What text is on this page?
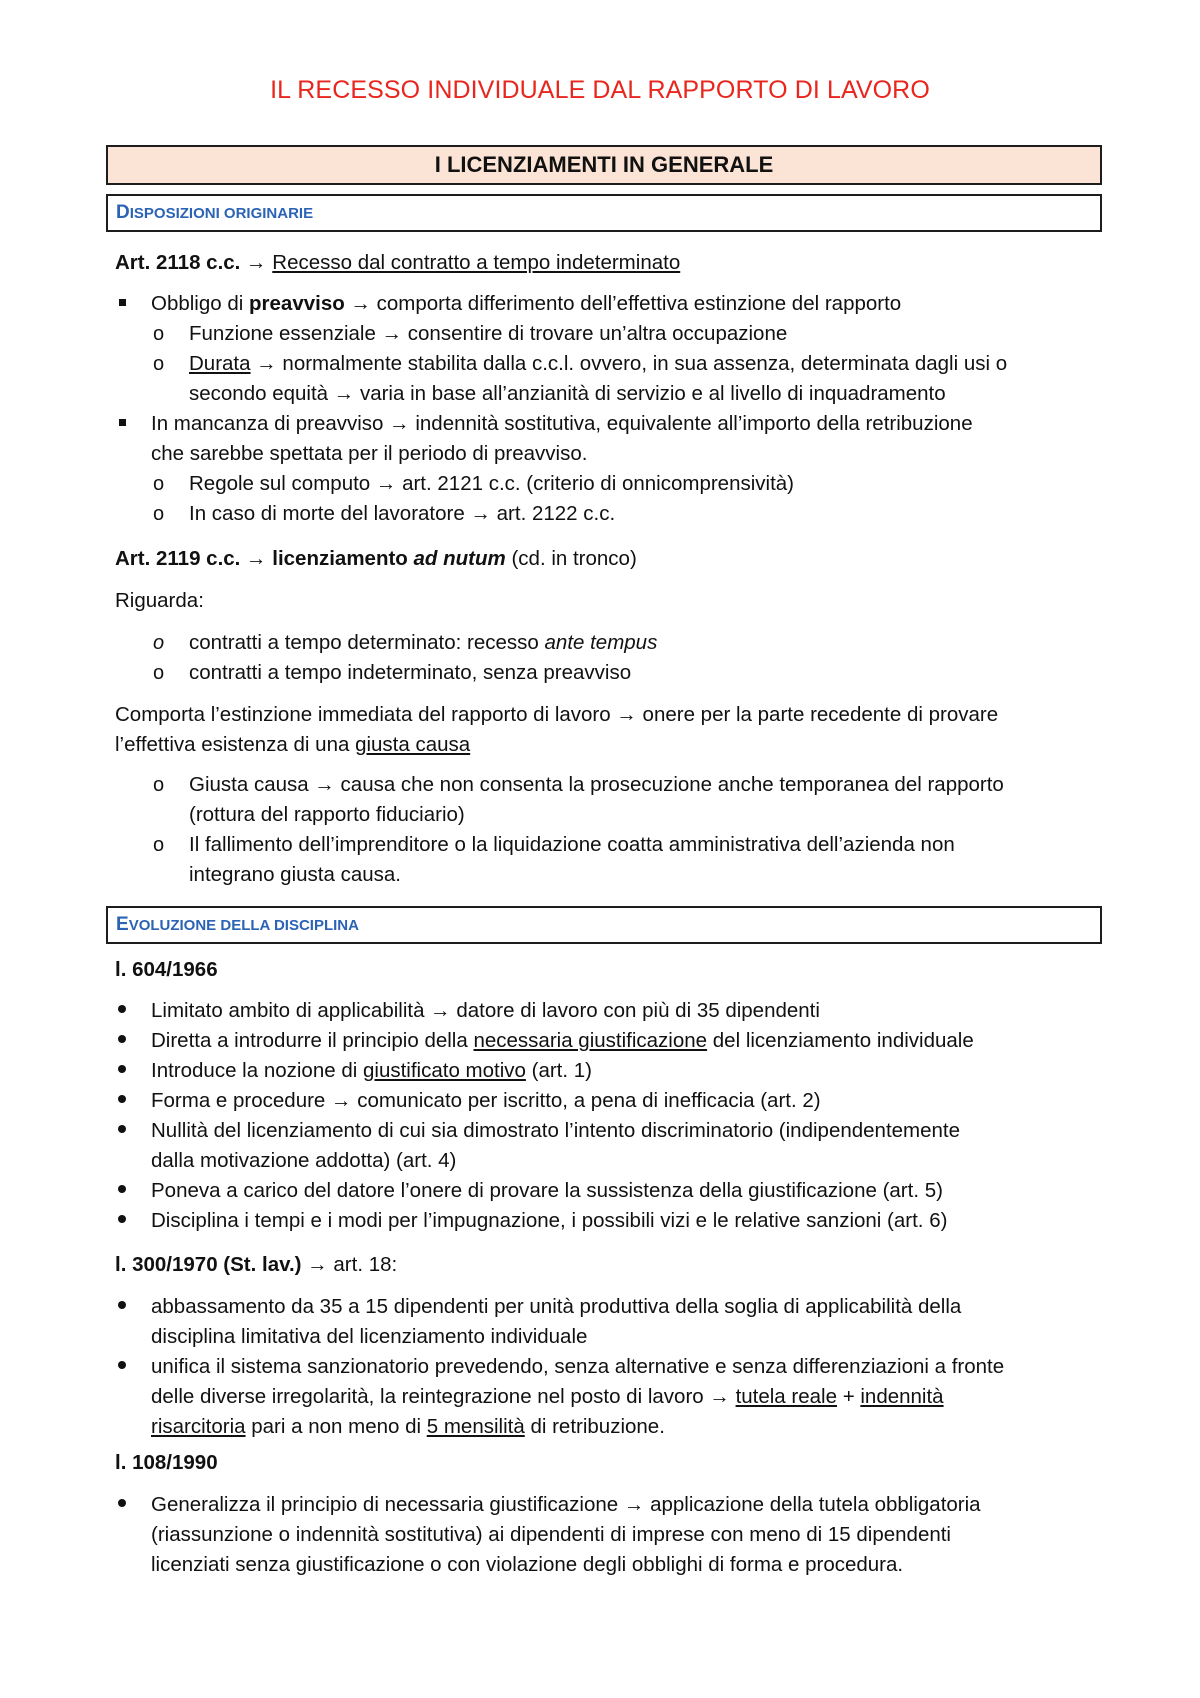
IL RECESSO INDIVIDUALE DAL RAPPORTO DI LAVORO
I LICENZIAMENTI IN GENERALE
DISPOSIZIONI ORIGINARIE
Art. 2118 c.c. → Recesso dal contratto a tempo indeterminato
Obbligo di preavviso → comporta differimento dell’effettiva estinzione del rapporto
o	Funzione essenziale → consentire di trovare un’altra occupazione
o	Durata → normalmente stabilita dalla c.c.l. ovvero, in sua assenza, determinata dagli usi o
secondo equità → varia in base all’anzianità di servizio e al livello di inquadramento
In mancanza di preavviso → indennità sostitutiva, equivalente all’importo della retribuzione
che sarebbe spettata per il periodo di preavviso.
o	Regole sul computo → art. 2121 c.c. (criterio di onnicomprensività)
o	In caso di morte del lavoratore → art. 2122 c.c.
Art. 2119 c.c. → licenziamento ad nutum (cd. in tronco)
Riguarda:
o	contratti a tempo determinato: recesso ante tempus
o	contratti a tempo indeterminato, senza preavviso
Comporta l’estinzione immediata del rapporto di lavoro → onere per la parte recedente di provare
l’effettiva esistenza di una giusta causa
o	Giusta causa → causa che non consenta la prosecuzione anche temporanea del rapporto
(rottura del rapporto fiduciario)
o	Il fallimento dell’imprenditore o la liquidazione coatta amministrativa dell’azienda non
integrano giusta causa.
EVOLUZIONE DELLA DISCIPLINA
l. 604/1966
Limitato ambito di applicabilità → datore di lavoro con più di 35 dipendenti
Diretta a introdurre il principio della necessaria giustificazione del licenziamento individuale
Introduce la nozione di giustificato motivo (art. 1)
Forma e procedure → comunicato per iscritto, a pena di inefficacia (art. 2)
Nullità del licenziamento di cui sia dimostrato l’intento discriminatorio (indipendentemente
dalla motivazione addotta) (art. 4)
Poneva a carico del datore l’onere di provare la sussistenza della giustificazione (art. 5)
Disciplina i tempi e i modi per l’impugnazione, i possibili vizi e le relative sanzioni (art. 6)
l. 300/1970 (St. lav.) → art. 18:
abbassamento da 35 a 15 dipendenti per unità produttiva della soglia di applicabilità della
disciplina limitativa del licenziamento individuale
unifica il sistema sanzionatorio prevedendo, senza alternative e senza differenziazioni a fronte
delle diverse irregolarità, la reintegrazione nel posto di lavoro → tutela reale + indennità
risarcitoria pari a non meno di 5 mensilità di retribuzione.
l. 108/1990
Generalizza il principio di necessaria giustificazione → applicazione della tutela obbligatoria
(riassunzione o indennità sostitutiva) ai dipendenti di imprese con meno di 15 dipendenti
licenziati senza giustificazione o con violazione degli obblighi di forma e procedura.
